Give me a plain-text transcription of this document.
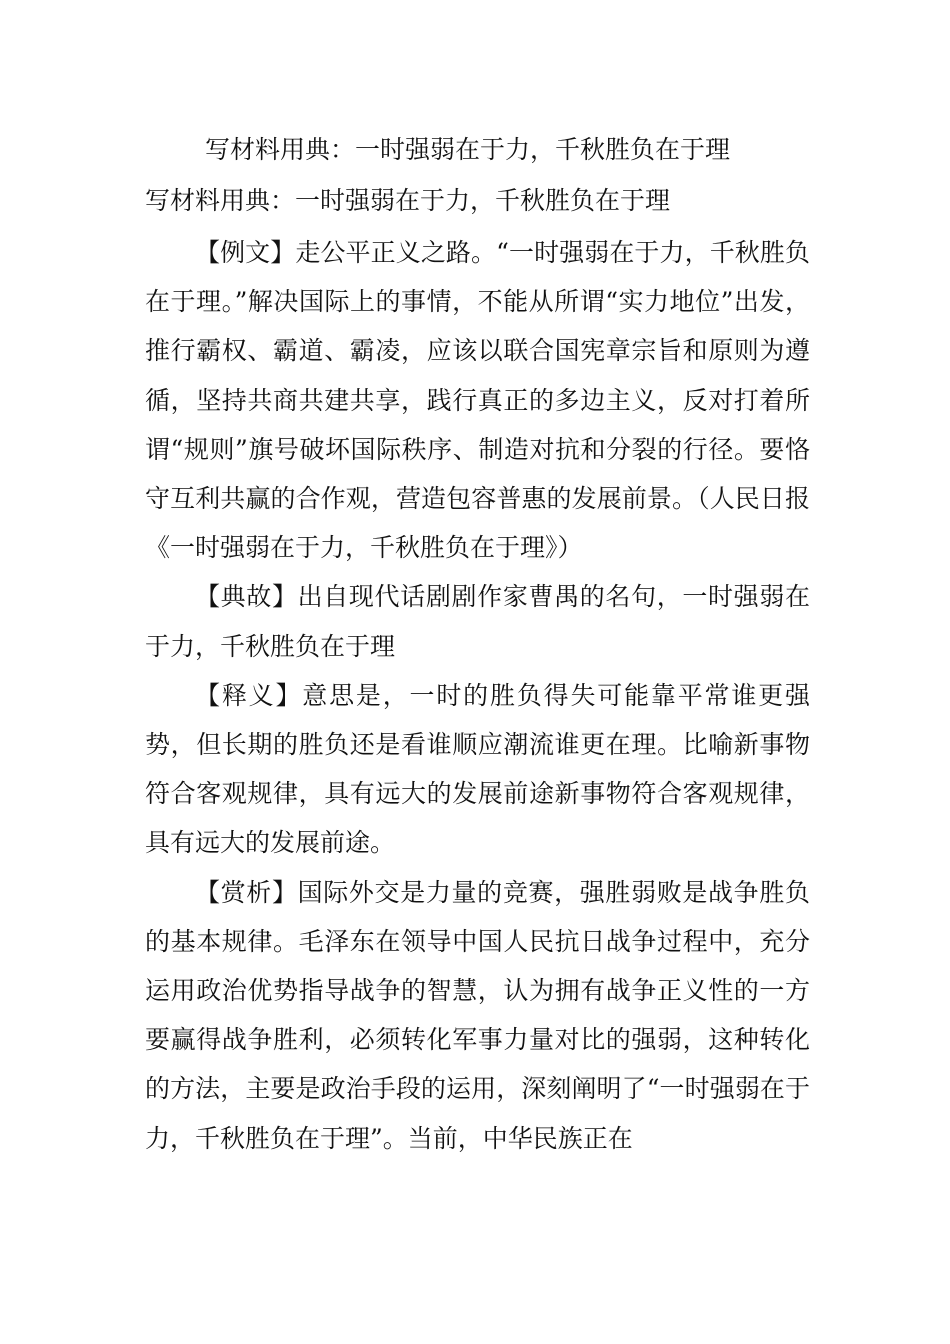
写材料用典：一时强弱在于力，千秋胜负在于理
写材料用典：一时强弱在于力，千秋胜负在于理

【例文】走公平正义之路。“一时强弱在于力，千秋胜负在于理。”解决国际上的事情，不能从所谓“实力地位”出发，推行霸权、霸道、霸凌，应该以联合国宪章宗旨和原则为遵循，坚持共商共建共享，践行真正的多边主义，反对打着所谓“规则”旗号破坏国际秩序、制造对抗和分裂的行径。要恪守互利共赢的合作观，营造包容普惠的发展前景。（人民日报《一时强弱在于力，千秋胜负在于理》）

【典故】出自现代话剧剧作家曹禺的名句，一时强弱在于力，千秋胜负在于理

【释义】意思是，一时的胜负得失可能靠平常谁更强势，但长期的胜负还是看谁顺应潮流谁更在理。比喻新事物符合客观规律，具有远大的发展前途新事物符合客观规律，具有远大的发展前途。

【赏析】国际外交是力量的竞赛，强胜弱败是战争胜负的基本规律。毛泽东在领导中国人民抗日战争过程中，充分运用政治优势指导战争的智慧，认为拥有战争正义性的一方要赢得战争胜利，必须转化军事力量对比的强弱，这种转化的方法，主要是政治手段的运用，深刻阐明了“一时强弱在于力，千秋胜负在于理”。当前，中华民族正在
